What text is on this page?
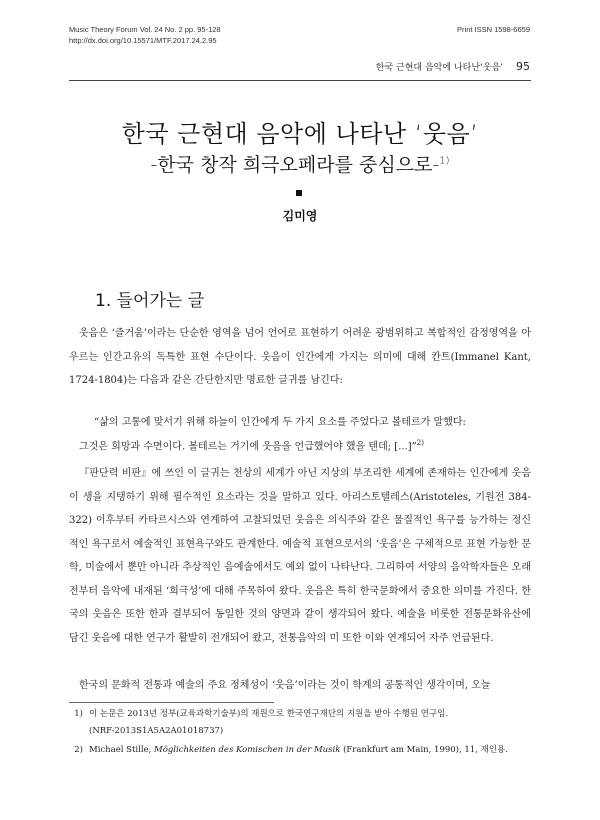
Music Theory Forum Vol. 24 No. 2 pp. 95-128
http://dx.doi.org/10.15571/MTF.2017.24.2.95
Print ISSN 1598-6659
한국 근현대 음악에 나타난‘웃음’ 95
한국 근현대 음악에 나타난 ‘웃음’
-한국 창작 희극오페라를 중심으로-$^{1)}$
김미영
1. 들어가는 글
웃음은 ‘즐거움’이라는 단순한 영역을 넘어 언어로 표현하기 어려운 광범위하고 복합적인 감정영역을 아우르는 인간고유의 독특한 표현 수단이다. 웃음이 인간에게 가지는 의미에 대해 칸트(Immanel Kant, 1724-1804)는 다음과 같은 간단한지만 명료한 글귀를 남긴다:
“삶의 고통에 맞서기 위해 하늘이 인간에게 두 가지 요소를 주었다고 볼테르가 말했다:
그것은 희망과 수면이다. 볼테르는 거기에 웃음을 언급했어야 했을 텐데; [...]”$^{2)}$
『판단력 비판』에 쓰인 이 글귀는 천상의 세계가 아닌 지상의 부조리한 세계에 존재하는 인간에게 웃음이 생을 지탱하기 위해 필수적인 요소라는 것을 말하고 있다. 아리스토텔레스(Aristoteles, 기원전 384-322) 이후부터 카타르시스와 연계하여 고찰되었던 웃음은 의식주와 같은 물질적인 욕구를 능가하는 정신적인 욕구로서 예술적인 표현욕구와도 관계한다. 예술적 표현으로서의 ‘웃음’은 구체적으로 표현 가능한 문학, 미술에서 뿐만 아니라 추상적인 음예술에서도 예외 없이 나타난다. 그리하여 서양의 음악학자들은 오래전부터 음악에 내재된 ‘희극성’에 대해 주목하여 왔다. 웃음은 특히 한국문화에서 중요한 의미를 가진다. 한국의 웃음은 또한 한과 결부되어 동일한 것의 양면과 같이 생각되어 왔다. 예술을 비롯한 전통문화유산에 담긴 웃음에 대한 연구가 활발히 전개되어 왔고, 전통음악의 미 또한 이와 연계되어 자주 언급된다.
한국의 문화적 전통과 예술의 주요 정체성이 ‘웃음’이라는 것이 학계의 공통적인 생각이며, 오늘
1) 이 논문은 2013년 정부(교육과학기술부)의 재원으로 한국연구재단의 지원을 받아 수행된 연구임.
(NRF-2013S1A5A2A01018737)
2) Michael Stille, Möglichkeiten des Komischen in der Musik (Frankfurt am Main, 1990), 11, 재인용.
